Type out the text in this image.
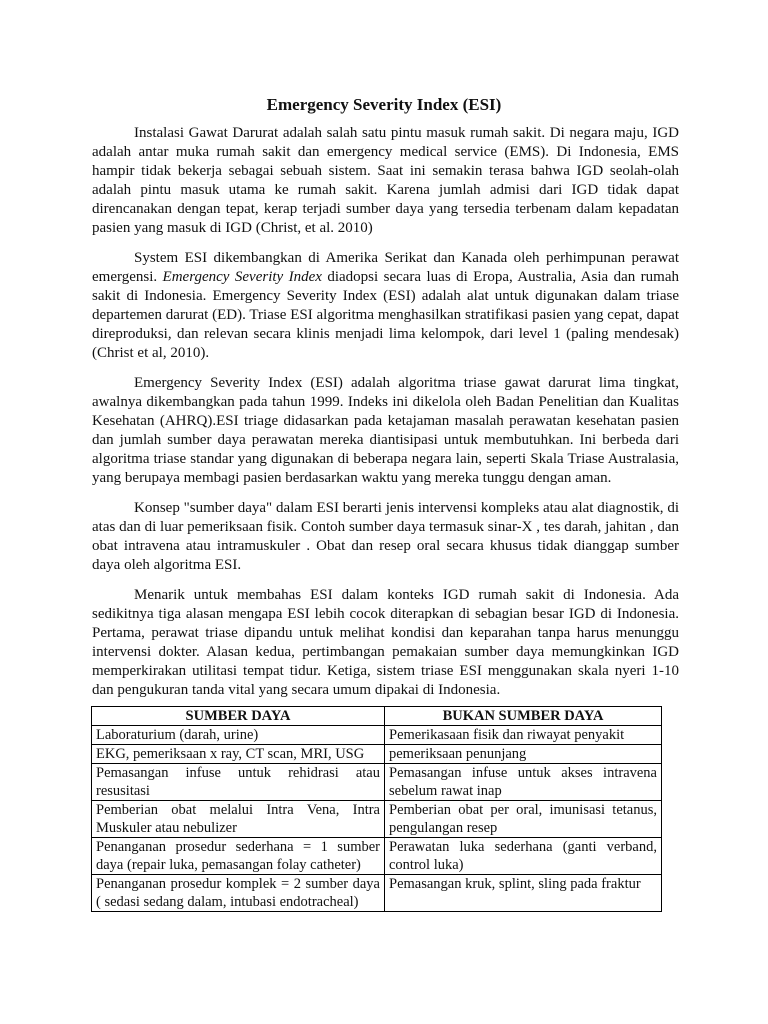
Emergency Severity Index (ESI)

Instalasi Gawat Darurat adalah salah satu pintu masuk rumah sakit. Di negara maju, IGD adalah antar muka rumah sakit dan emergency medical service (EMS). Di Indonesia, EMS hampir tidak bekerja sebagai sebuah sistem. Saat ini semakin terasa bahwa IGD seolah-olah adalah pintu masuk utama ke rumah sakit. Karena jumlah admisi dari IGD tidak dapat direncanakan dengan tepat, kerap terjadi sumber daya yang tersedia terbenam dalam kepadatan pasien yang masuk di IGD (Christ, et al. 2010)

System ESI dikembangkan di Amerika Serikat dan Kanada oleh perhimpunan perawat emergensi. Emergency Severity Index diadopsi secara luas di Eropa, Australia, Asia dan rumah sakit di Indonesia. Emergency Severity Index (ESI) adalah alat untuk digunakan dalam triase departemen darurat (ED). Triase ESI algoritma menghasilkan stratifikasi pasien yang cepat, dapat direproduksi, dan relevan secara klinis menjadi lima kelompok, dari level 1 (paling mendesak) (Christ et al, 2010).

Emergency Severity Index (ESI) adalah algoritma triase gawat darurat lima tingkat, awalnya dikembangkan pada tahun 1999. Indeks ini dikelola oleh Badan Penelitian dan Kualitas Kesehatan (AHRQ).ESI triage didasarkan pada ketajaman masalah perawatan kesehatan pasien dan jumlah sumber daya perawatan mereka diantisipasi untuk membutuhkan. Ini berbeda dari algoritma triase standar yang digunakan di beberapa negara lain, seperti Skala Triase Australasia, yang berupaya membagi pasien berdasarkan waktu yang mereka tunggu dengan aman.

Konsep "sumber daya" dalam ESI berarti jenis intervensi kompleks atau alat diagnostik, di atas dan di luar pemeriksaan fisik. Contoh sumber daya termasuk sinar-X , tes darah, jahitan , dan obat intravena atau intramuskuler . Obat dan resep oral secara khusus tidak dianggap sumber daya oleh algoritma ESI.

Menarik untuk membahas ESI dalam konteks IGD rumah sakit di Indonesia. Ada sedikitnya tiga alasan mengapa ESI lebih cocok diterapkan di sebagian besar IGD di Indonesia. Pertama, perawat triase dipandu untuk melihat kondisi dan keparahan tanpa harus menunggu intervensi dokter. Alasan kedua, pertimbangan pemakaian sumber daya memungkinkan IGD memperkirakan utilitasi tempat tidur. Ketiga, sistem triase ESI menggunakan skala nyeri 1-10 dan pengukuran tanda vital yang secara umum dipakai di Indonesia.

SUMBER DAYA	BUKAN SUMBER DAYA
Laboraturium (darah, urine)	Pemerikasaan fisik dan riwayat penyakit
EKG, pemeriksaan x ray, CT scan, MRI, USG	pemeriksaan penunjang
Pemasangan infuse untuk rehidrasi atau resusitasi	Pemasangan infuse untuk akses intravena sebelum rawat inap
Pemberian obat melalui Intra Vena, Intra Muskuler atau nebulizer	Pemberian obat per oral, imunisasi tetanus, pengulangan resep
Penanganan prosedur sederhana = 1 sumber daya (repair luka, pemasangan folay catheter)	Perawatan luka sederhana (ganti verband, control luka)
Penanganan prosedur komplek = 2 sumber daya ( sedasi sedang dalam, intubasi endotracheal)	Pemasangan kruk, splint, sling pada fraktur
